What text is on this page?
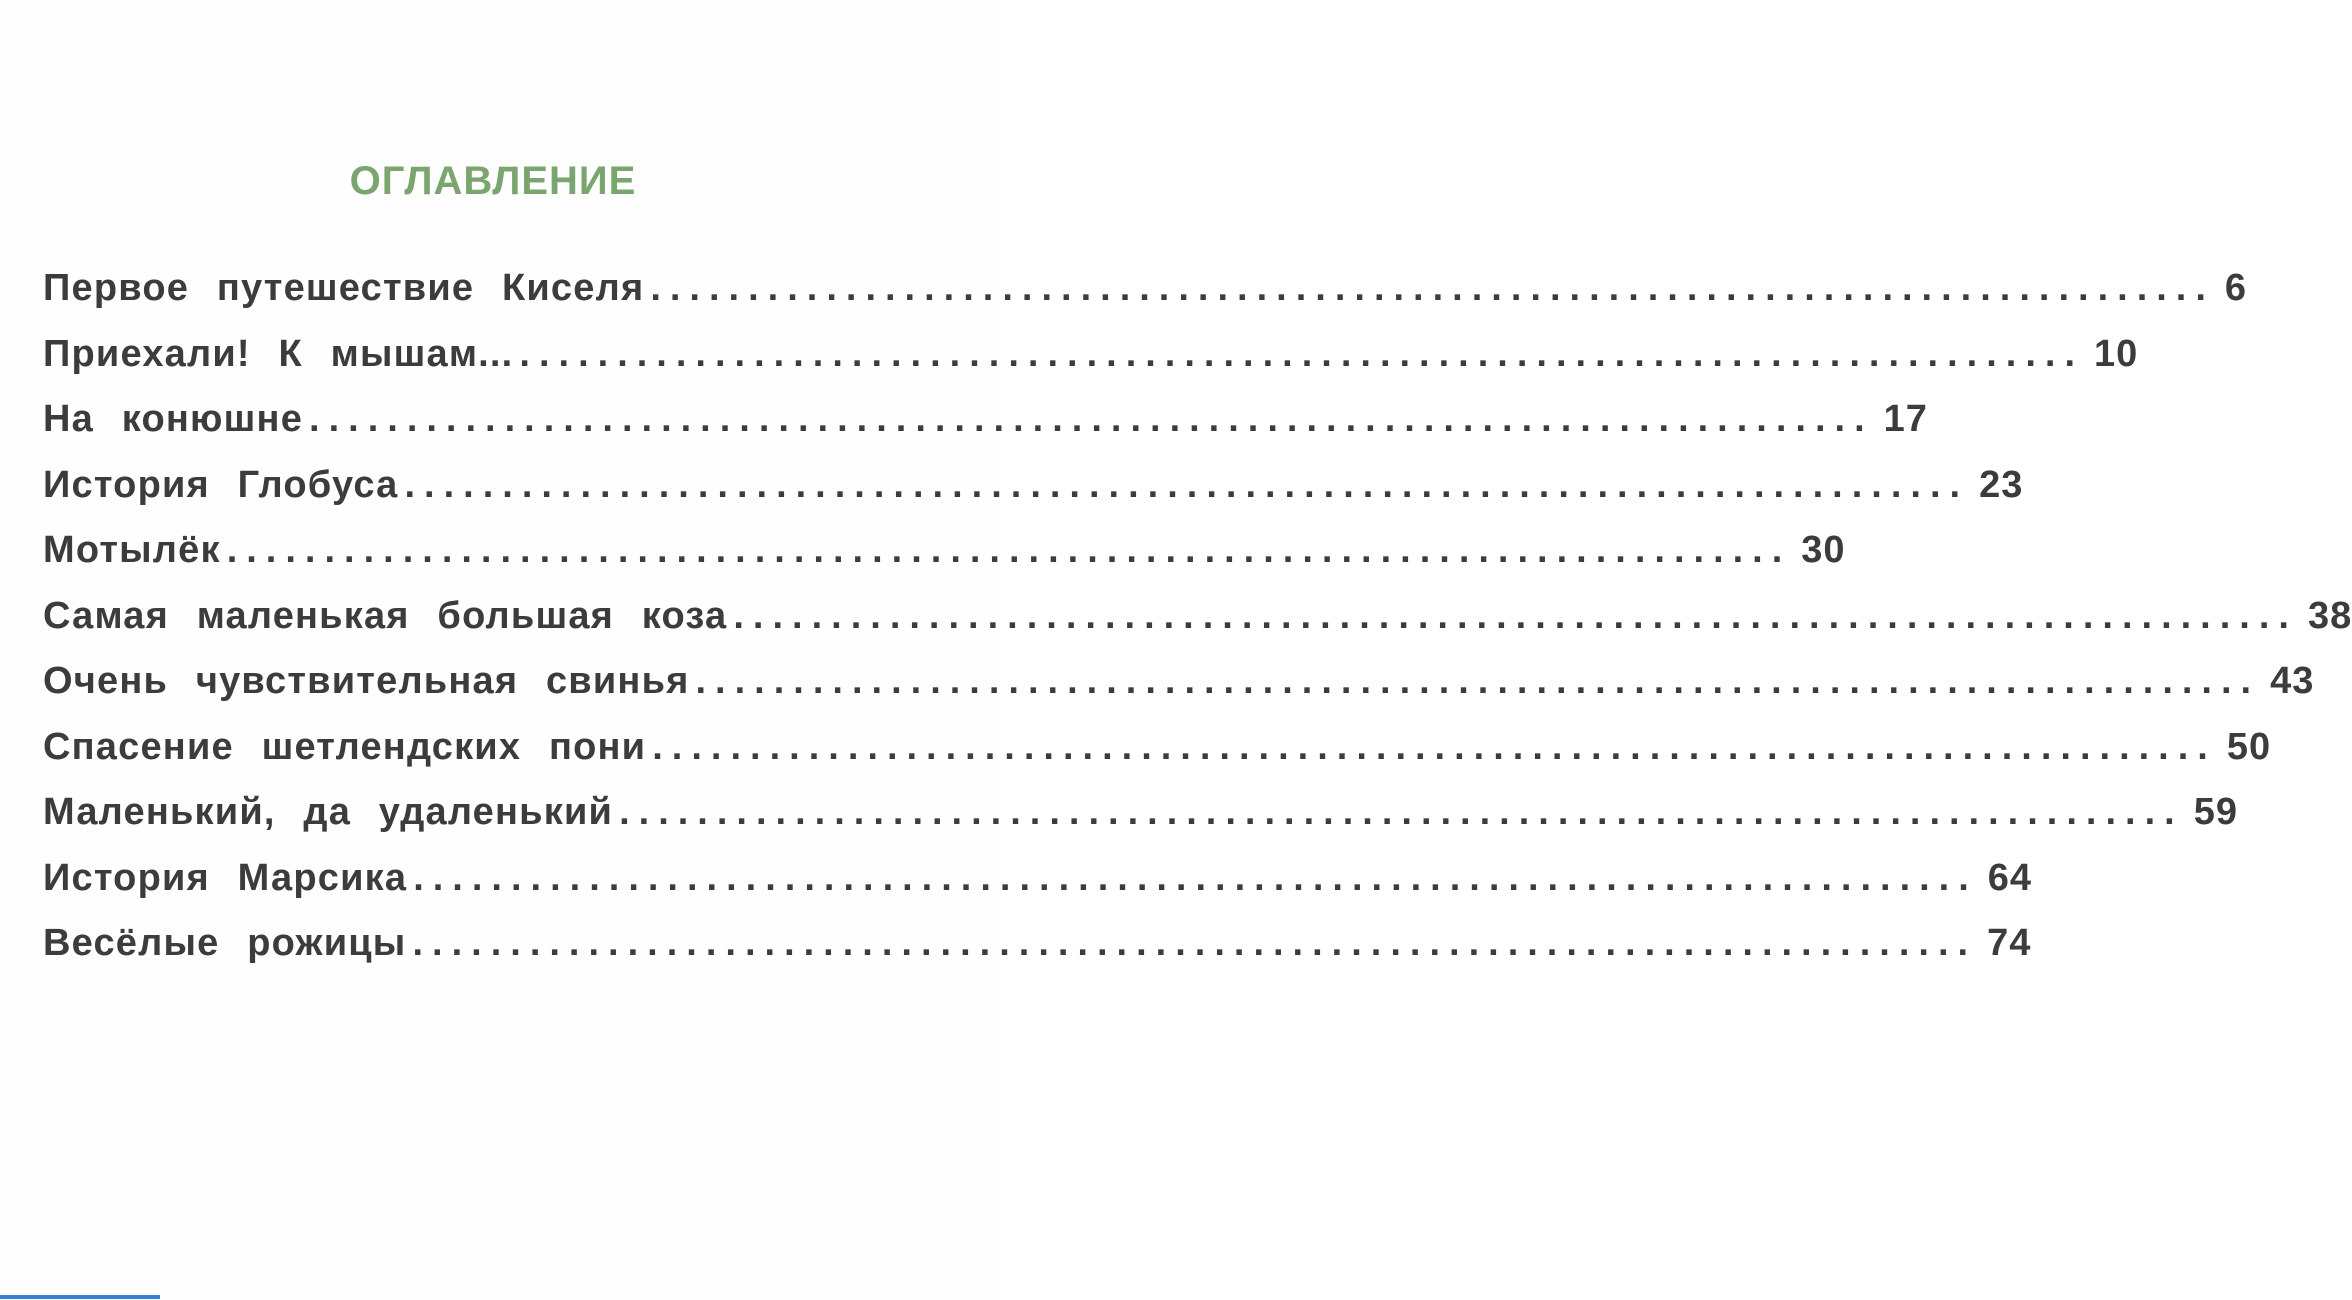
ОГЛАВЛЕНИЕ
Первое путешествие Киселя ................................................................................ 6
Приехали! К мышам... ................................................................................ 10
На конюшне ................................................................................ 17
История Глобуса ................................................................................ 23
Мотылёк ................................................................................ 30
Самая маленькая большая коза ................................................................................ 38
Очень чувствительная свинья ................................................................................ 43
Спасение шетлендских пони ................................................................................ 50
Маленький, да удаленький ................................................................................ 59
История Марсика ................................................................................ 64
Весёлые рожицы ................................................................................ 74
